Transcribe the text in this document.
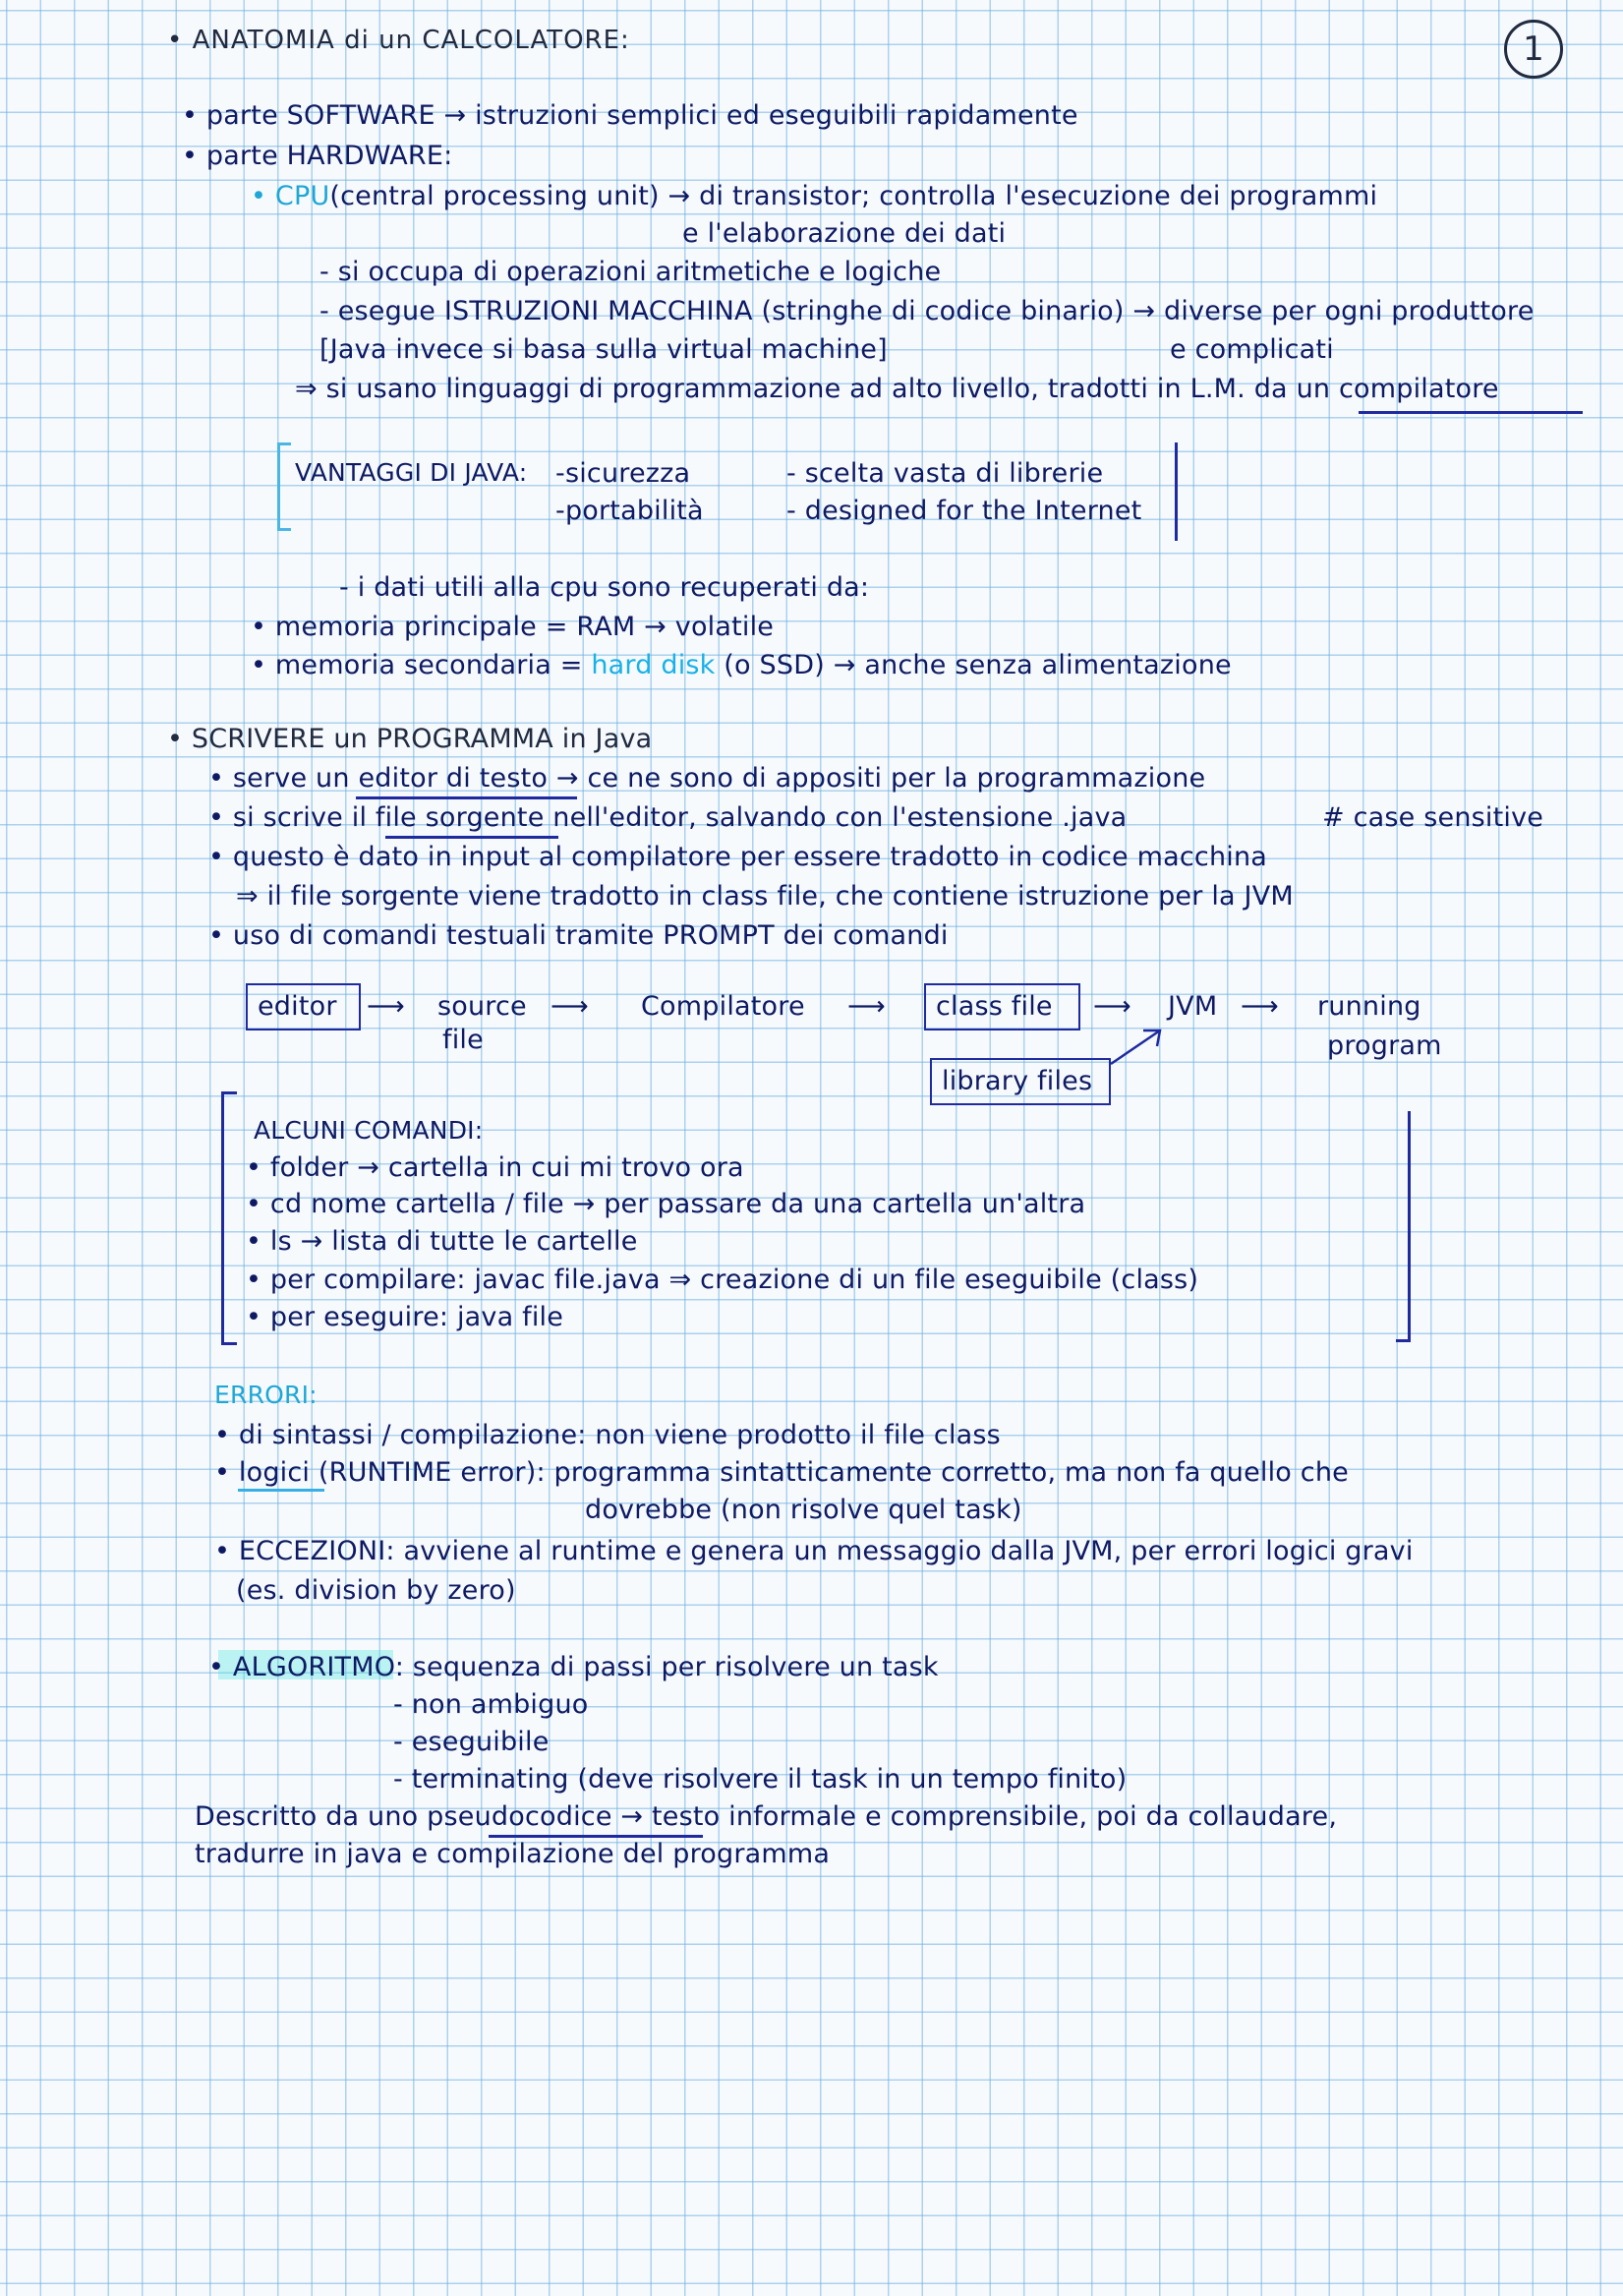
1
• ANATOMIA di un CALCOLATORE:
• parte SOFTWARE → istruzioni semplici ed eseguibili rapidamente
• parte HARDWARE:
• CPU(central processing unit) → di transistor; controlla l'esecuzione dei programmi
e l'elaborazione dei dati
- si occupa di operazioni aritmetiche e logiche
- esegue ISTRUZIONI MACCHINA (stringhe di codice binario) → diverse per ogni produttore
[Java invece si basa sulla virtual machine]	e complicati
⇒ si usano linguaggi di programmazione ad alto livello, tradotti in L.M. da un compilatore
VANTAGGI DI JAVA: -sicurezza
-portabilità
- scelta vasta di librerie
- designed for the Internet
- i dati utili alla cpu sono recuperati da:
• memoria principale = RAM → volatile
• memoria secondaria = hard disk (o SSD) → anche senza alimentazione
• SCRIVERE un PROGRAMMA in Java
• serve un editor di testo → ce ne sono di appositi per la programmazione
• si scrive il file sorgente nell'editor, salvando con l'estensione .java	# case sensitive
• questo è dato in input al compilatore per essere tradotto in codice macchina
⇒ il file sorgente viene tradotto in class file, che contiene istruzione per la JVM
• uso di comandi testuali tramite PROMPT dei comandi
editor ⟶ source
file
⟶ Compilatore ⟶ class file ⟶ JVM ⟶ running
program
library files
ALCUNI COMANDI:
• folder → cartella in cui mi trovo ora
• cd nome cartella / file → per passare da una cartella un'altra
• ls → lista di tutte le cartelle
• per compilare: javac file.java ⇒ creazione di un file eseguibile (class)
• per eseguire: java file
ERRORI:
• di sintassi / compilazione: non viene prodotto il file class
• logici (RUNTIME error): programma sintatticamente corretto, ma non fa quello che
dovrebbe (non risolve quel task)
• ECCEZIONI: avviene al runtime e genera un messaggio dalla JVM, per errori logici gravi
(es. division by zero)
• ALGORITMO: sequenza di passi per risolvere un task
- non ambiguo
- eseguibile
- terminating (deve risolvere il task in un tempo finito)
Descritto da uno pseudocodice → testo informale e comprensibile, poi da collaudare,
tradurre in java e compilazione del programma
